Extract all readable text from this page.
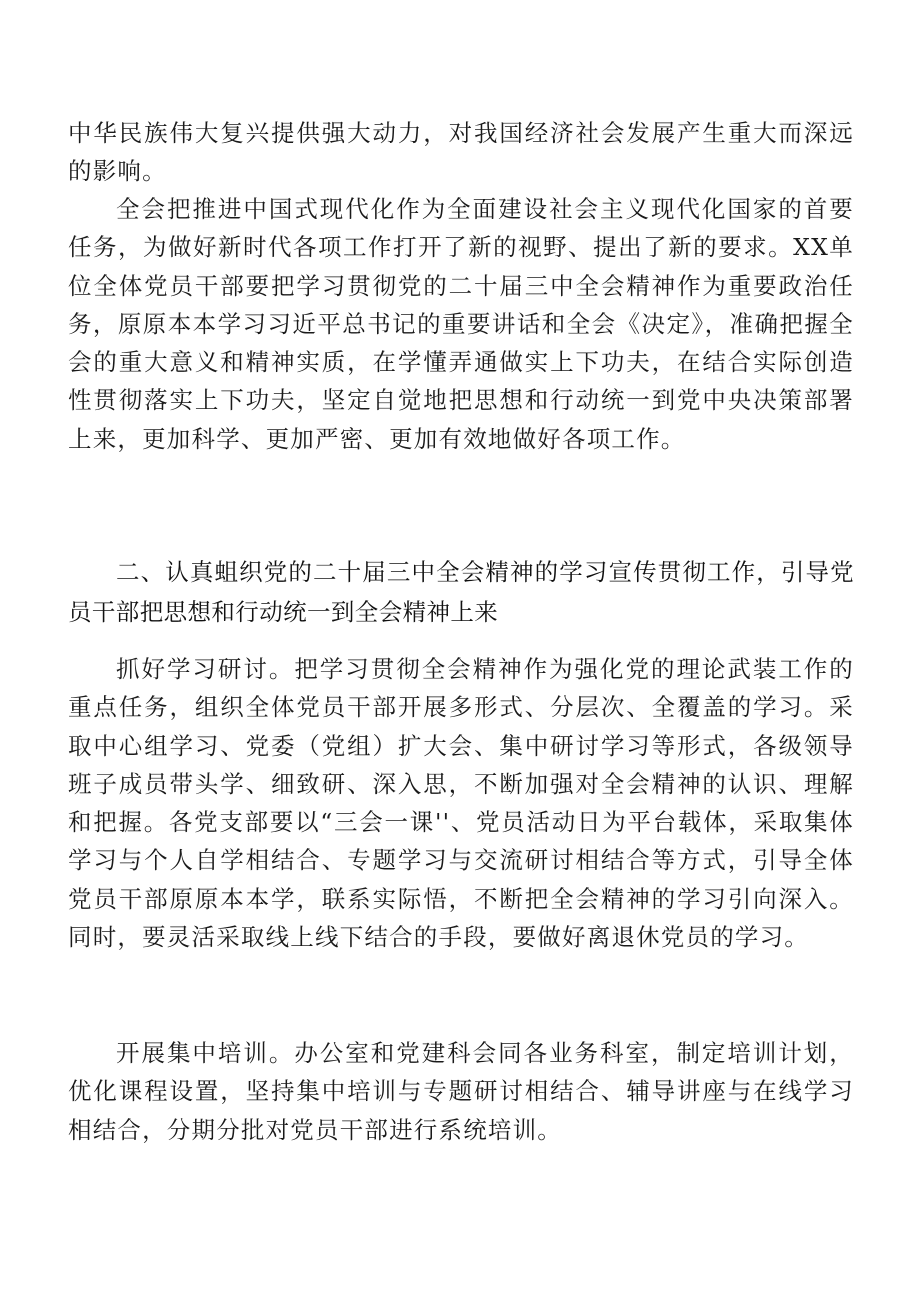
中华民族伟大复兴提供强大动力，对我国经济社会发展产生重大而深远的影响。

全会把推进中国式现代化作为全面建设社会主义现代化国家的首要任务，为做好新时代各项工作打开了新的视野、提出了新的要求。XX单位全体党员干部要把学习贯彻党的二十届三中全会精神作为重要政治任务，原原本本学习习近平总书记的重要讲话和全会《决定》，准确把握全会的重大意义和精神实质，在学懂弄通做实上下功夫，在结合实际创造性贯彻落实上下功夫，坚定自觉地把思想和行动统一到党中央决策部署上来，更加科学、更加严密、更加有效地做好各项工作。

二、认真蛆织党的二十届三中全会精神的学习宣传贯彻工作，引导党员干部把思想和行动统一到全会精神上来

抓好学习研讨。把学习贯彻全会精神作为强化党的理论武装工作的重点任务，组织全体党员干部开展多形式、分层次、全覆盖的学习。采取中心组学习、党委（党组）扩大会、集中研讨学习等形式，各级领导班子成员带头学、细致研、深入思，不断加强对全会精神的认识、理解和把握。各党支部要以“三会一课''、党员活动日为平台载体，采取集体学习与个人自学相结合、专题学习与交流研讨相结合等方式，引导全体党员干部原原本本学，联系实际悟，不断把全会精神的学习引向深入。同时，要灵活采取线上线下结合的手段，要做好离退休党员的学习。

开展集中培训。办公室和党建科会同各业务科室，制定培训计划，优化课程设置，坚持集中培训与专题研讨相结合、辅导讲座与在线学习相结合，分期分批对党员干部进行系统培训。
